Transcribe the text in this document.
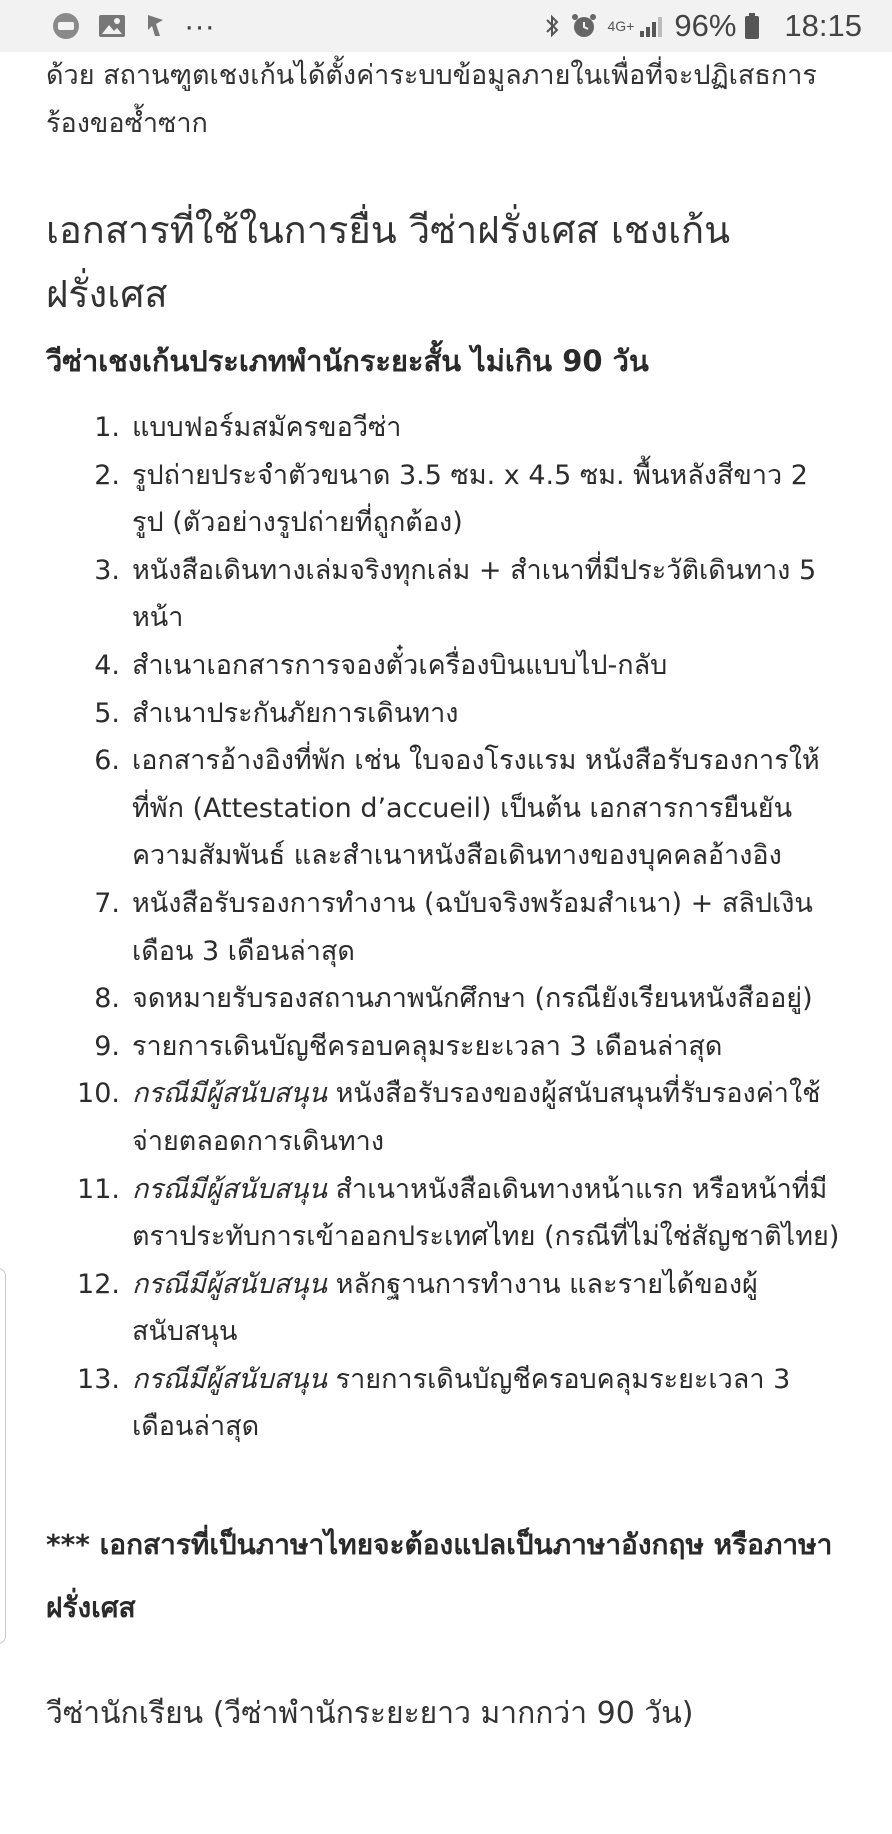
···	4G+ 96% 18:15

ด้วย สถานฑูตเชงเก้นได้ตั้งค่าระบบข้อมูลภายในเพื่อที่จะปฏิเสธการร้องขอซ้ำซาก

เอกสารที่ใช้ในการยื่น วีซ่าฝรั่งเศส เชงเก้นฝรั่งเศส
วีซ่าเชงเก้นประเภทพำนักระยะสั้น ไม่เกิน 90 วัน
1. แบบฟอร์มสมัครขอวีซ่า
2. รูปถ่ายประจำตัวขนาด 3.5 ซม. x 4.5 ซม. พื้นหลังสีขาว 2 รูป (ตัวอย่างรูปถ่ายที่ถูกต้อง)
3. หนังสือเดินทางเล่มจริงทุกเล่ม + สำเนาที่มีประวัติเดินทาง 5 หน้า
4. สำเนาเอกสารการจองตั๋วเครื่องบินแบบไป-กลับ
5. สำเนาประกันภัยการเดินทาง
6. เอกสารอ้างอิงที่พัก เช่น ใบจองโรงแรม หนังสือรับรองการให้ที่พัก (Attestation d’accueil) เป็นต้น เอกสารการยืนยันความสัมพันธ์ และสำเนาหนังสือเดินทางของบุคคลอ้างอิง
7. หนังสือรับรองการทำงาน (ฉบับจริงพร้อมสำเนา) + สลิปเงินเดือน 3 เดือนล่าสุด
8. จดหมายรับรองสถานภาพนักศึกษา (กรณียังเรียนหนังสืออยู่)
9. รายการเดินบัญชีครอบคลุมระยะเวลา 3 เดือนล่าสุด
10. กรณีมีผู้สนับสนุน หนังสือรับรองของผู้สนับสนุนที่รับรองค่าใช้จ่ายตลอดการเดินทาง
11. กรณีมีผู้สนับสนุน สำเนาหนังสือเดินทางหน้าแรก หรือหน้าที่มีตราประทับการเข้าออกประเทศไทย (กรณีที่ไม่ใช่สัญชาติไทย)
12. กรณีมีผู้สนับสนุน หลักฐานการทำงาน และรายได้ของผู้สนับสนุน
13. กรณีมีผู้สนับสนุน รายการเดินบัญชีครอบคลุมระยะเวลา 3 เดือนล่าสุด

*** เอกสารที่เป็นภาษาไทยจะต้องแปลเป็นภาษาอังกฤษ หรือภาษาฝรั่งเศส

วีซ่านักเรียน (วีซ่าพำนักระยะยาว มากกว่า 90 วัน)
